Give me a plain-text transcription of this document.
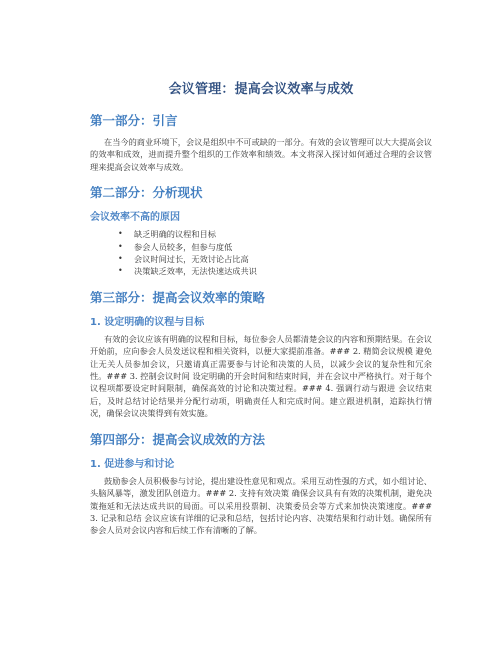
会议管理：提高会议效率与成效
第一部分：引言

在当今的商业环境下，会议是组织中不可或缺的一部分。有效的会议管理可以大大提高会议的效率和成效，进而提升整个组织的工作效率和绩效。本文将深入探讨如何通过合理的会议管理来提高会议效率与成效。

第二部分：分析现状
会议效率不高的原因
• 缺乏明确的议程和目标
• 参会人员较多，但参与度低
• 会议时间过长，无效讨论占比高
• 决策缺乏效率，无法快速达成共识
第三部分：提高会议效率的策略
1. 设定明确的议程与目标

有效的会议应该有明确的议程和目标，每位参会人员都清楚会议的内容和预期结果。在会议开始前，应向参会人员发送议程和相关资料，以便大家提前准备。### 2. 精简会议规模 避免让无关人员参加会议，只邀请真正需要参与讨论和决策的人员，以减少会议的复杂性和冗余性。### 3. 控制会议时间 设定明确的开会时间和结束时间，并在会议中严格执行。对于每个议程项都要设定时间限制，确保高效的讨论和决策过程。### 4. 强调行动与跟进 会议结束后，及时总结讨论结果并分配行动项，明确责任人和完成时间。建立跟进机制，追踪执行情况，确保会议决策得到有效实施。

第四部分：提高会议成效的方法
1. 促进参与和讨论

鼓励参会人员积极参与讨论，提出建设性意见和观点。采用互动性强的方式，如小组讨论、头脑风暴等，激发团队创造力。### 2. 支持有效决策 确保会议具有有效的决策机制，避免决策拖延和无法达成共识的局面。可以采用投票制、决策委员会等方式来加快决策速度。### 3. 记录和总结 会议应该有详细的记录和总结，包括讨论内容、决策结果和行动计划。确保所有参会人员对会议内容和后续工作有清晰的了解。
